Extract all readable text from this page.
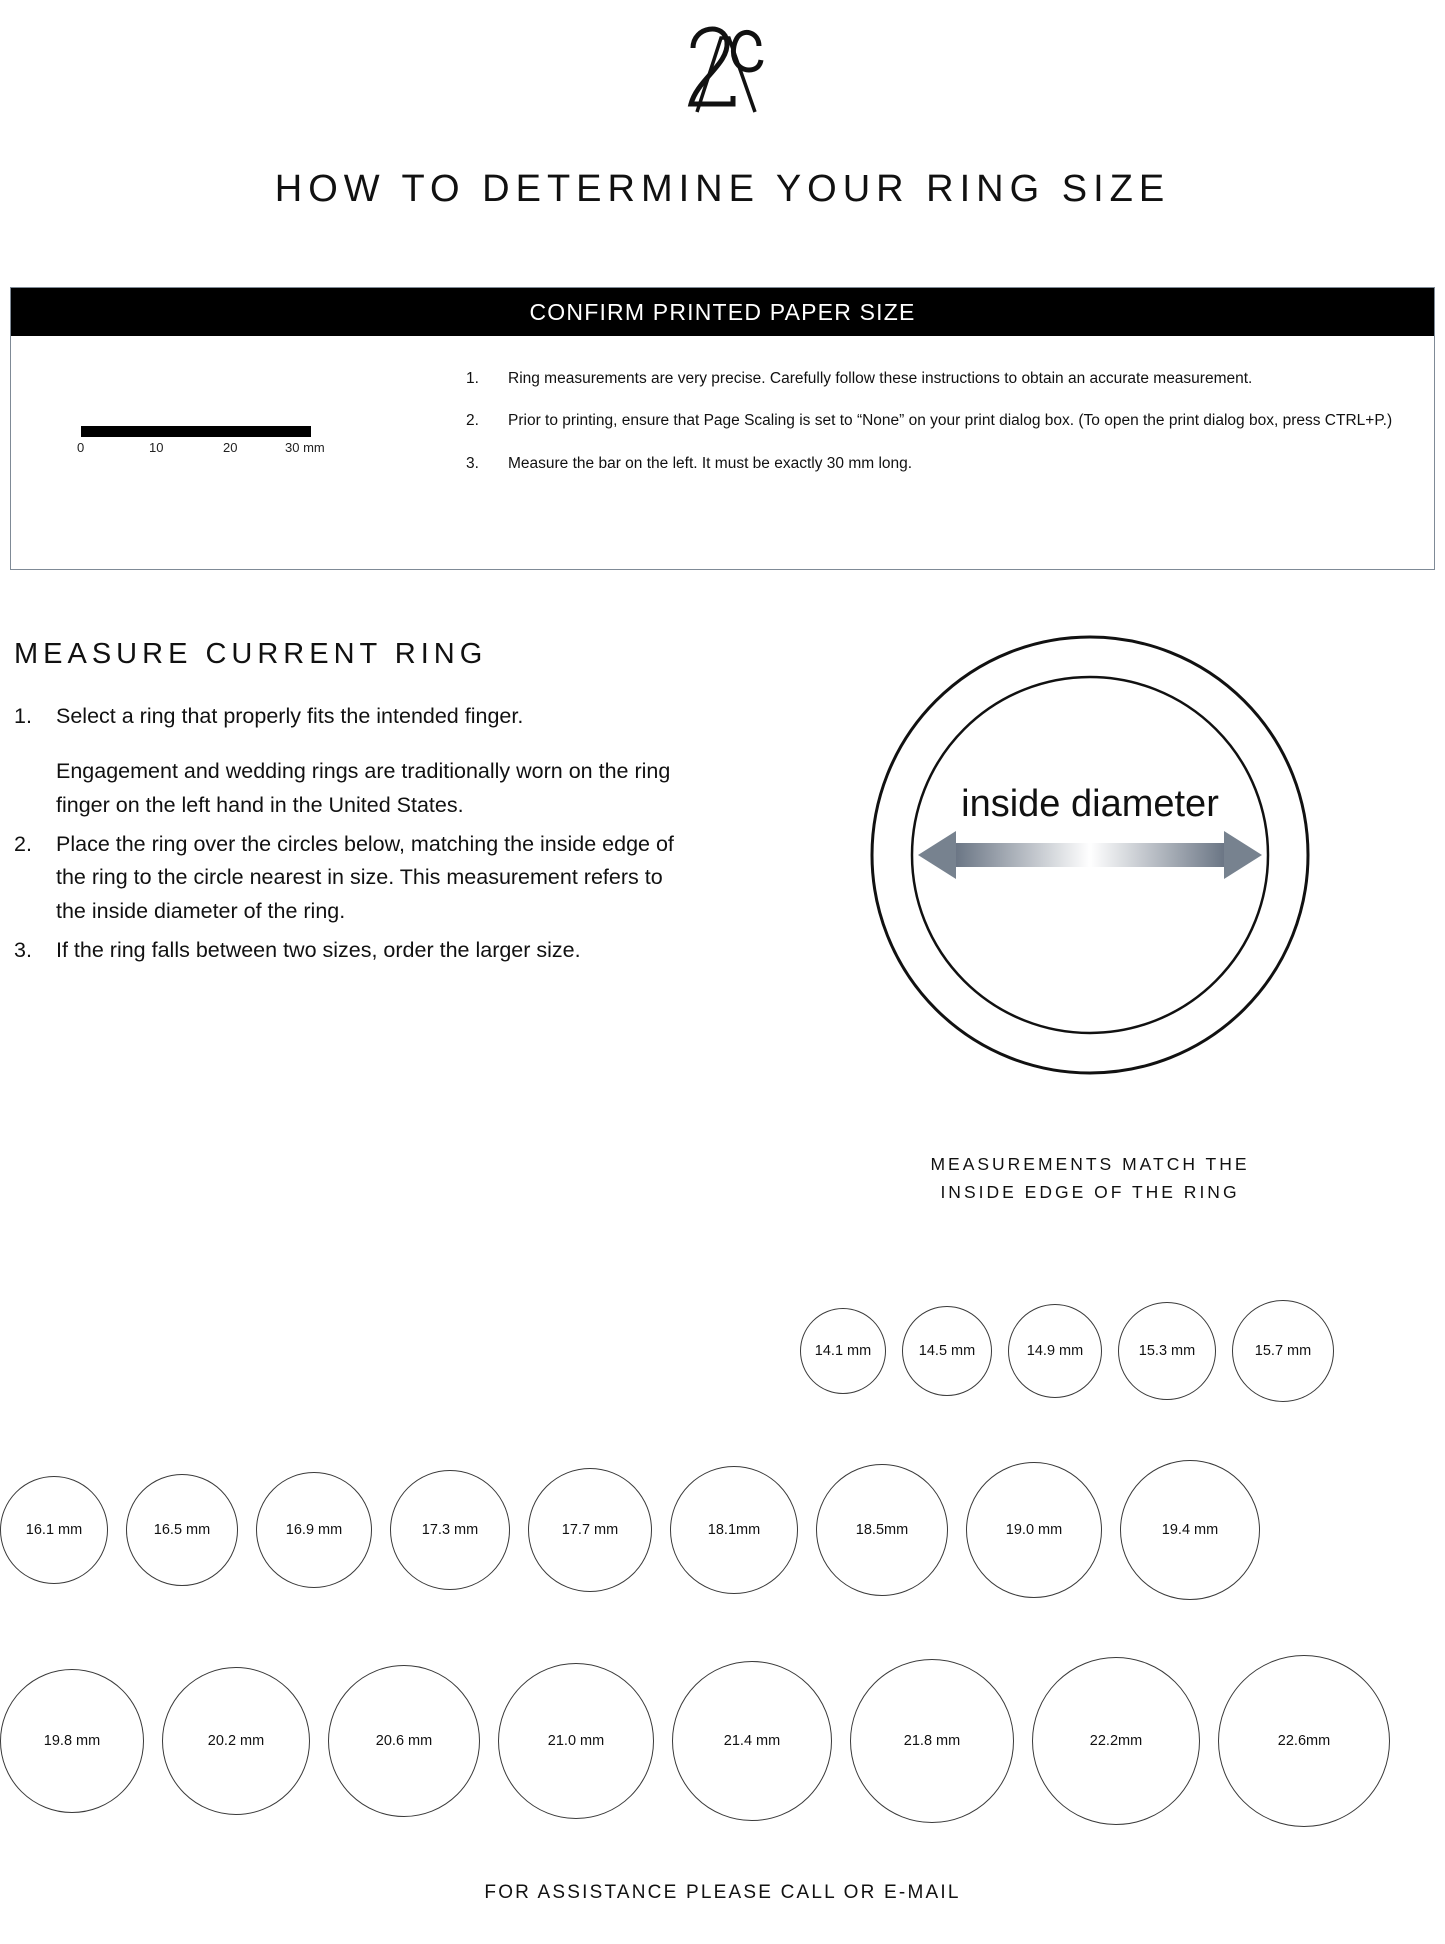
HOW TO DETERMINE YOUR RING SIZE
CONFIRM PRINTED PAPER SIZE
0	10	20	30 mm
1.	Ring measurements are very precise. Carefully follow these instructions to obtain an accurate measurement.
2.	Prior to printing, ensure that Page Scaling is set to “None” on your print dialog box. (To open the print dialog box, press CTRL+P.)
3.	Measure the bar on the left. It must be exactly 30 mm long.
MEASURE CURRENT RING
1.	Select a ring that properly fits the intended finger.

Engagement and wedding rings are traditionally worn on the ring finger on the left hand in the United States.

2.	Place the ring over the circles below, matching the inside edge of the ring to the circle nearest in size. This measurement refers to the inside diameter of the ring.

3.	If the ring falls between two sizes, order the larger size.

inside diameter
MEASUREMENTS MATCH THE
INSIDE EDGE OF THE RING
14.1 mm	14.5 mm	14.9 mm	15.3 mm	15.7 mm
16.1 mm	16.5 mm	16.9 mm	17.3 mm	17.7 mm	18.1mm	18.5mm	19.0 mm	19.4 mm
19.8 mm	20.2 mm	20.6 mm	21.0 mm	21.4 mm	21.8 mm	22.2mm	22.6mm
FOR ASSISTANCE PLEASE CALL OR E-MAIL
